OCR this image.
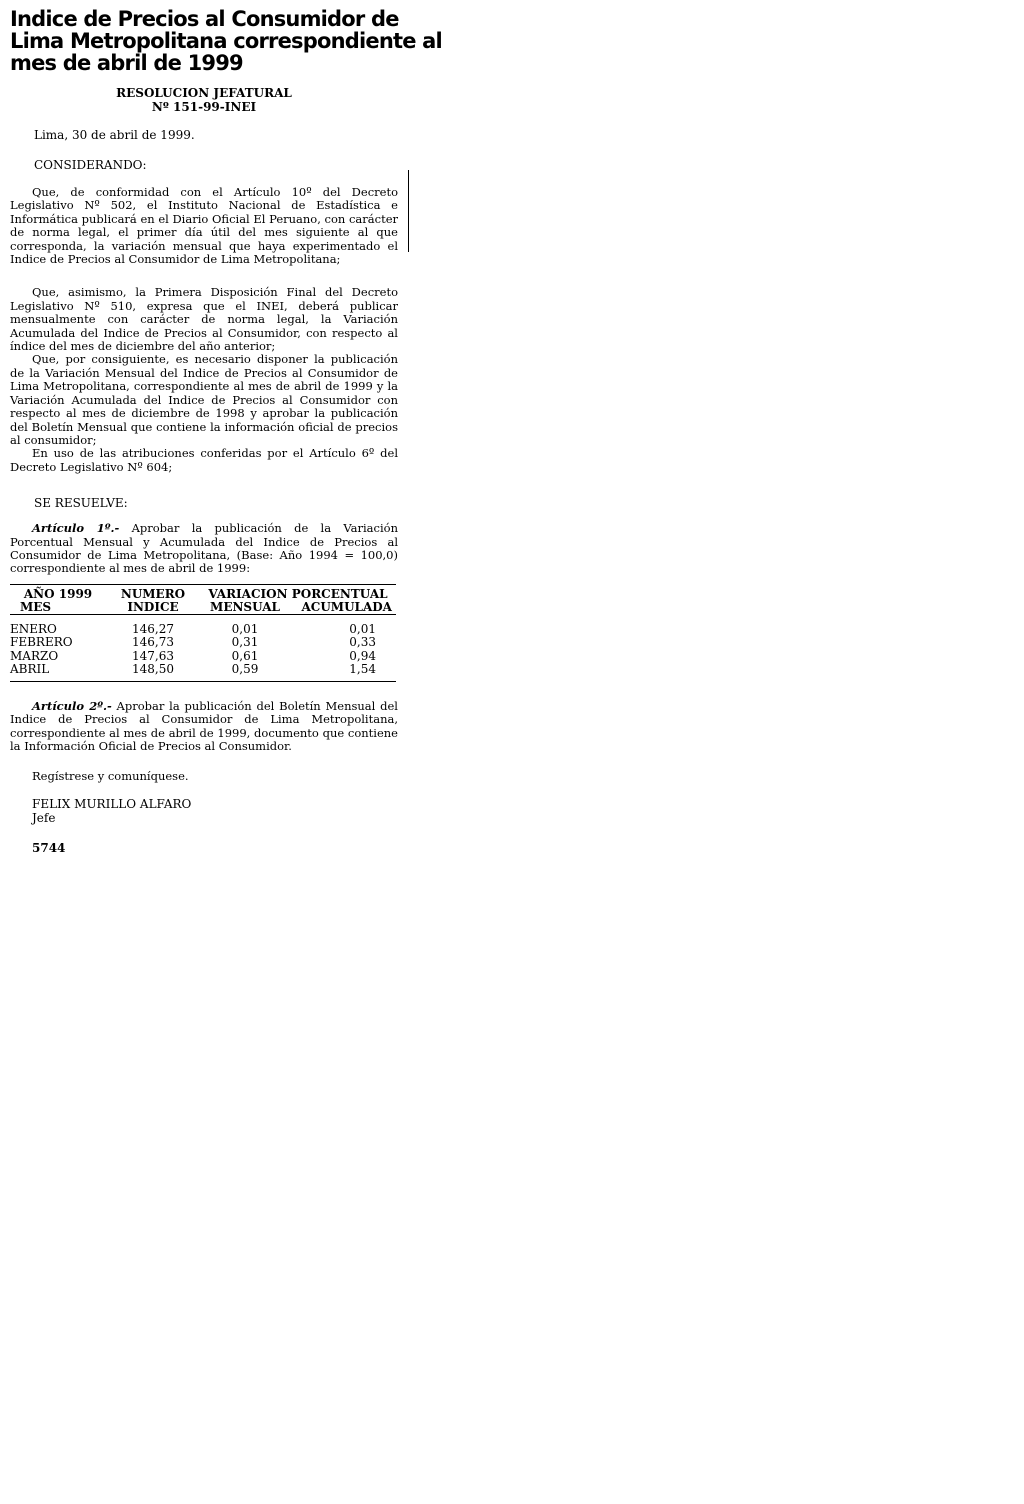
Indice de Precios al Consumidor de
Lima Metropolitana correspondiente al
mes de abril de 1999
RESOLUCION JEFATURAL
Nº 151-99-INEI
Lima, 30 de abril de 1999.
CONSIDERANDO:

Que, de conformidad con el Artículo 10º del Decreto Legislativo Nº 502, el Instituto Nacional de Estadística e Informática publicará en el Diario Oficial El Peruano, con carácter de norma legal, el primer día útil del mes siguiente al que corresponda, la variación mensual que haya experimentado el Indice de Precios al Consumidor de Lima Metropolitana;

Que, asimismo, la Primera Disposición Final del Decreto Legislativo Nº 510, expresa que el INEI, deberá publicar mensualmente con carácter de norma legal, la Variación Acumulada del Indice de Precios al Consumidor, con respecto al índice del mes de diciembre del año anterior;

Que, por consiguiente, es necesario disponer la publicación de la Variación Mensual del Indice de Precios al Consumidor de Lima Metropolitana, correspondiente al mes de abril de 1999 y la Variación Acumulada del Indice de Precios al Consumidor con respecto al mes de diciembre de 1998 y aprobar la publicación del Boletín Mensual que contiene la información oficial de precios al consumidor;

En uso de las atribuciones conferidas por el Artículo 6º del Decreto Legislativo Nº 604;

SE RESUELVE:

Artículo 1º.- Aprobar la publicación de la Variación Porcentual Mensual y Acumulada del Indice de Precios al Consumidor de Lima Metropolitana, (Base: Año 1994 = 100,0) correspondiente al mes de abril de 1999:

AÑO 1999	NUMERO	VARIACION PORCENTUAL	
MES	INDICE	MENSUAL	ACUMULADA
ENERO	146,27	0,01	0,01
FEBRERO	146,73	0,31	0,33
MARZO	147,63	0,61	0,94
ABRIL	148,50	0,59	1,54

Artículo 2º.- Aprobar la publicación del Boletín Mensual del Indice de Precios al Consumidor de Lima Metropolitana, correspondiente al mes de abril de 1999, documento que contiene la Información Oficial de Precios al Consumidor.

Regístrese y comuníquese.
FELIX MURILLO ALFARO
Jefe
5744
